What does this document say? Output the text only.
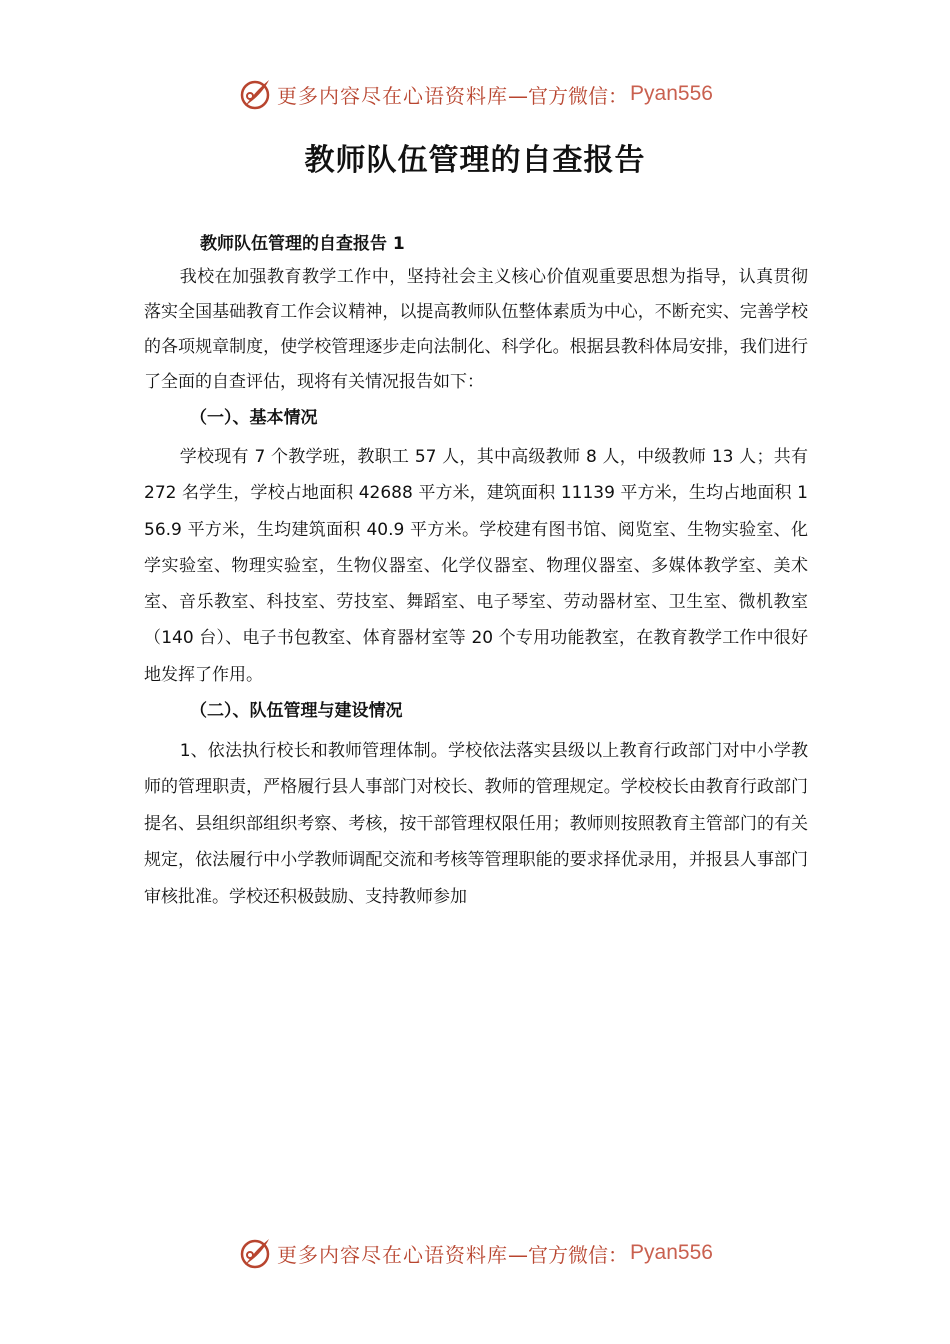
更多内容尽在心语资料库 —官方微信： Pyan556
教师队伍管理的自查报告
教师队伍管理的自查报告 1

我校在加强教育教学工作中，坚持社会主义核心价值观重要思想为指导，认真贯彻落实全国基础教育工作会议精神，以提高教师队伍整体素质为中心，不断充实、完善学校的各项规章制度，使学校管理逐步走向法制化、科学化。根据县教科体局安排，我们进行了全面的自查评估，现将有关情况报告如下：

（一）、基本情况

学校现有 7 个教学班，教职工 57 人，其中高级教师 8 人，中级教师 13 人；共有 272 名学生，学校占地面积 42688 平方米，建筑面积 11139 平方米，生均占地面积 156.9 平方米，生均建筑面积 40.9 平方米。学校建有图书馆、阅览室、生物实验室、化学实验室、物理实验室，生物仪器室、化学仪器室、物理仪器室、多媒体教学室、美术室、音乐教室、科技室、劳技室、舞蹈室、电子琴室、劳动器材室、卫生室、微机教室（140 台）、电子书包教室、体育器材室等 20 个专用功能教室，在教育教学工作中很好地发挥了作用。

（二）、队伍管理与建设情况

1、依法执行校长和教师管理体制。学校依法落实县级以上教育行政部门对中小学教师的管理职责，严格履行县人事部门对校长、教师的管理规定。学校校长由教育行政部门提名、县组织部组织考察、考核，按干部管理权限任用；教师则按照教育主管部门的有关规定，依法履行中小学教师调配交流和考核等管理职能的要求择优录用，并报县人事部门审核批准。学校还积极鼓励、支持教师参加

更多内容尽在心语资料库 —官方微信： Pyan556
